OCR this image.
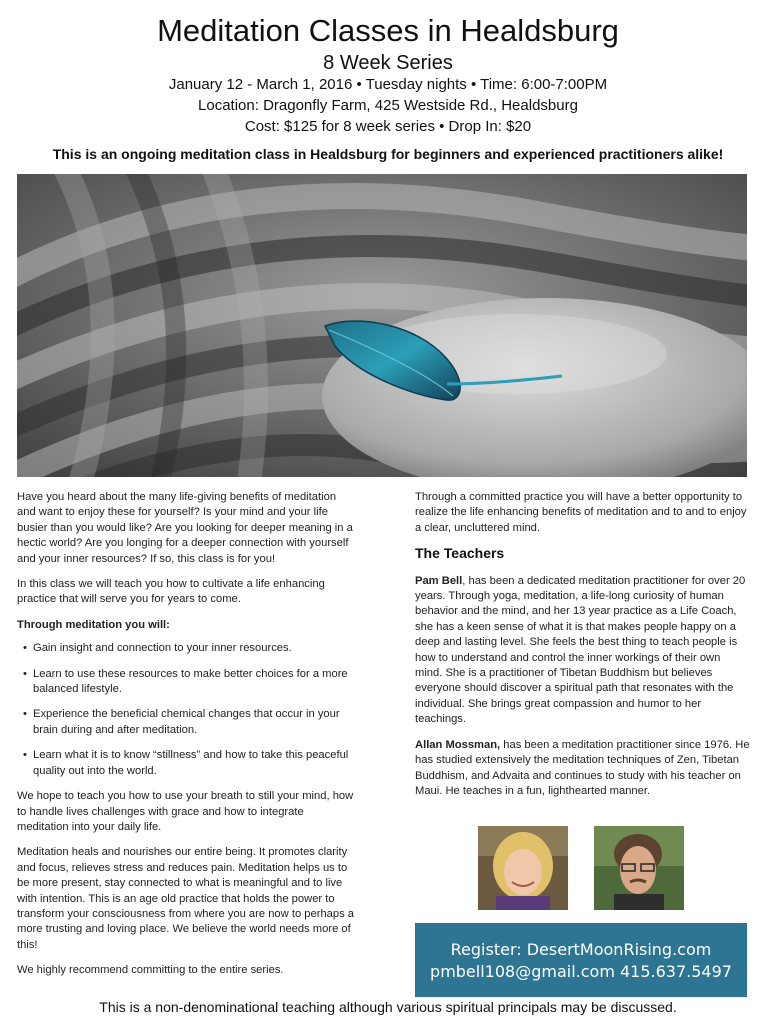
Meditation Classes in Healdsburg
8 Week Series
January 12 - March 1, 2016 • Tuesday nights • Time: 6:00-7:00PM
Location: Dragonfly Farm, 425 Westside Rd., Healdsburg
Cost: $125 for 8 week series • Drop In: $20
This is an ongoing meditation class in Healdsburg for beginners and experienced practitioners alike!

Have you heard about the many life-giving benefits of meditation and want to enjoy these for yourself? Is your mind and your life busier than you would like? Are you looking for deeper meaning in a hectic world? Are you longing for a deeper connection with yourself and your inner resources? If so, this class is for you!

In this class we will teach you how to cultivate a life enhancing practice that will serve you for years to come.

Through meditation you will:
• Gain insight and connection to your inner resources.
• Learn to use these resources to make better choices for a more balanced lifestyle.
• Experience the beneficial chemical changes that occur in your brain during and after meditation.
• Learn what it is to know “stillness” and how to take this peaceful quality out into the world.

We hope to teach you how to use your breath to still your mind, how to handle lives challenges with grace and how to integrate meditation into your daily life.

Meditation heals and nourishes our entire being. It promotes clarity and focus, relieves stress and reduces pain. Meditation helps us to be more present, stay connected to what is meaningful and to live with intention. This is an age old practice that holds the power to transform your consciousness from where you are now to perhaps a more trusting and loving place. We believe the world needs more of this!

We highly recommend committing to the entire series.

Through a committed practice you will have a better opportunity to realize the life enhancing benefits of meditation and to and to enjoy a clear, uncluttered mind.

The Teachers

Pam Bell, has been a dedicated meditation practitioner for over 20 years. Through yoga, meditation, a life-long curiosity of human behavior and the mind, and her 13 year practice as a Life Coach, she has a keen sense of what it is that makes people happy on a deep and lasting level. She feels the best thing to teach people is how to understand and control the inner workings of their own mind. She is a practitioner of Tibetan Buddhism but believes everyone should discover a spiritual path that resonates with the individual. She brings great compassion and humor to her teachings.

Allan Mossman, has been a meditation practitioner since 1976. He has studied extensively the meditation techniques of Zen, Tibetan Buddhism, and Advaita and continues to study with his teacher on Maui. He teaches in a fun, lighthearted manner.

Register: DesertMoonRising.com
pmbell108@gmail.com 415.637.5497
This is a non-denominational teaching although various spiritual principals may be discussed.
